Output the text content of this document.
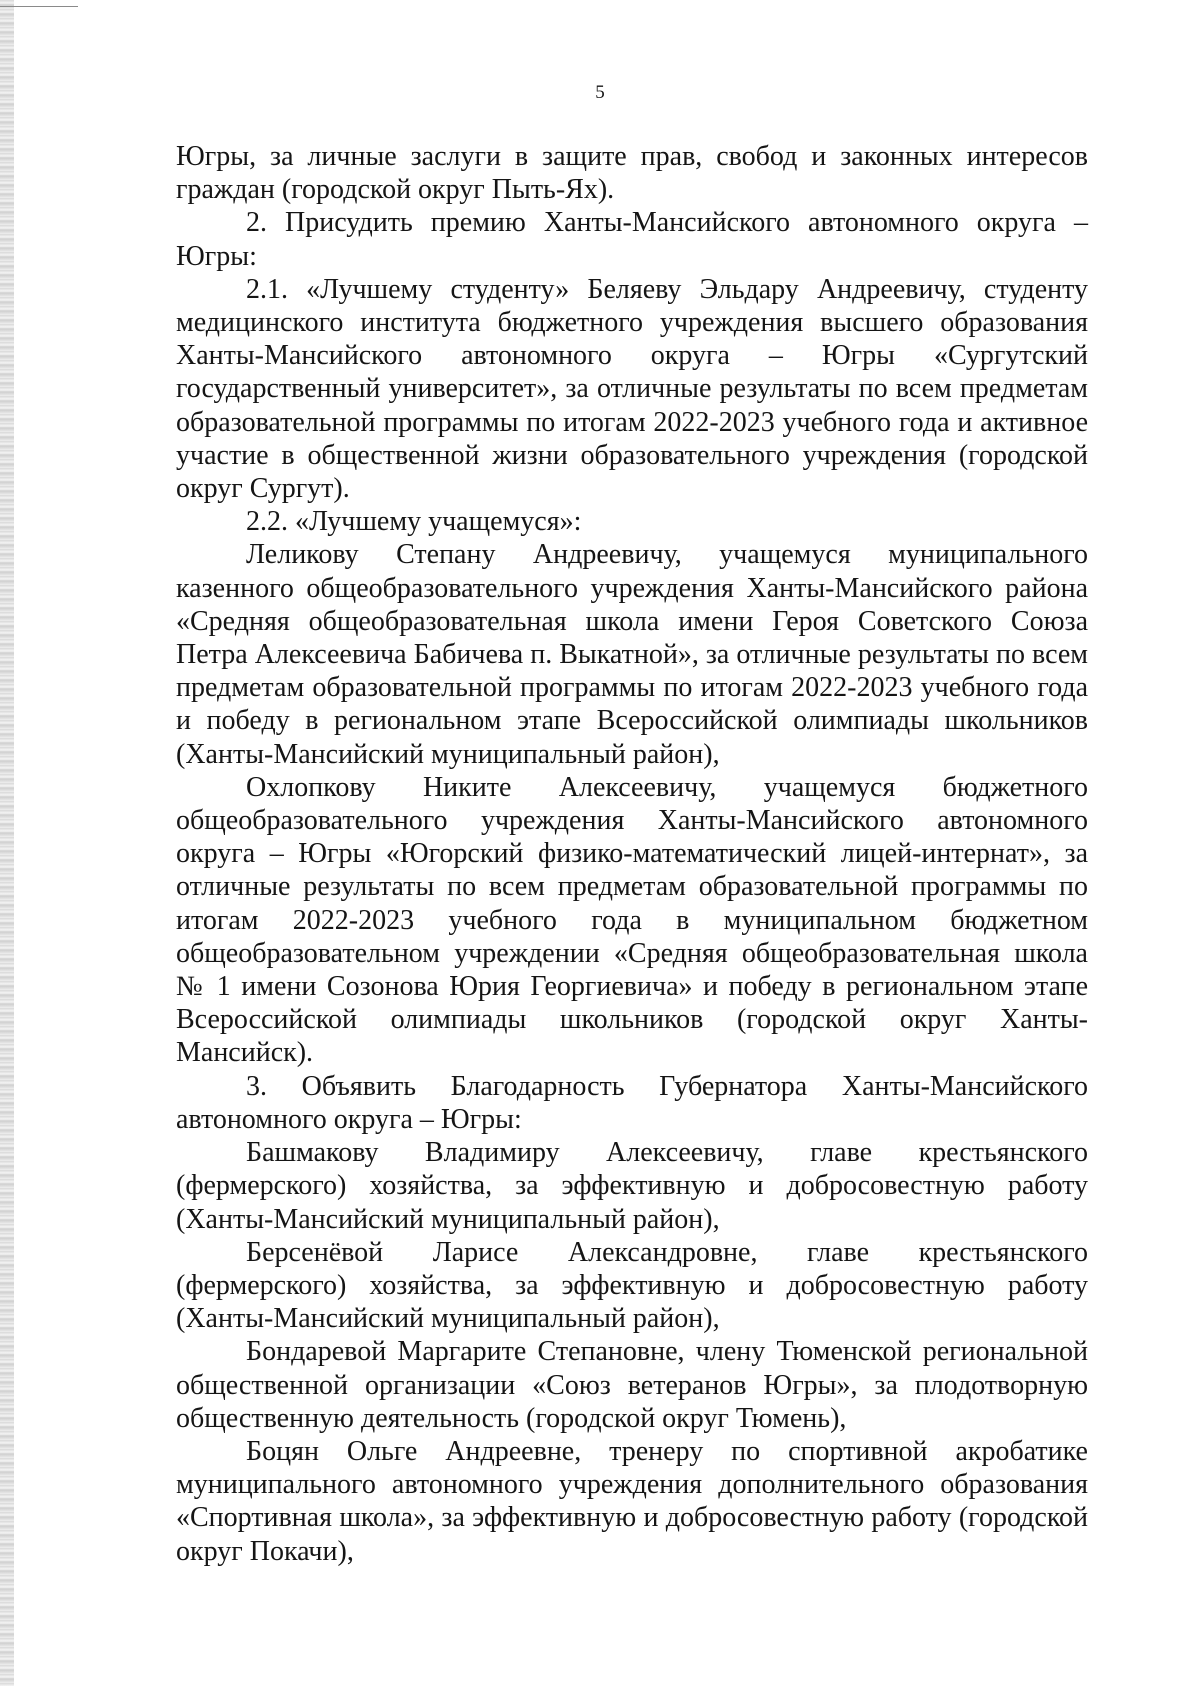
5

Югры, за личные заслуги в защите прав, свобод и законных интересов граждан (городской округ Пыть-Ях).

2. Присудить премию Ханты-Мансийского автономного округа – Югры:

2.1. «Лучшему студенту» Беляеву Эльдару Андреевичу, студенту медицинского института бюджетного учреждения высшего образования Ханты-Мансийского автономного округа – Югры «Сургутский государственный университет», за отличные результаты по всем предметам образовательной программы по итогам 2022-2023 учебного года и активное участие в общественной жизни образовательного учреждения (городской округ Сургут).

2.2. «Лучшему учащемуся»:

Леликову Степану Андреевичу, учащемуся муниципального казенного общеобразовательного учреждения Ханты-Мансийского района «Средняя общеобразовательная школа имени Героя Советского Союза Петра Алексеевича Бабичева п. Выкатной», за отличные результаты по всем предметам образовательной программы по итогам 2022-2023 учебного года и победу в региональном этапе Всероссийской олимпиады школьников (Ханты-Мансийский муниципальный район),

Охлопкову Никите Алексеевичу, учащемуся бюджетного общеобразовательного учреждения Ханты-Мансийского автономного округа – Югры «Югорский физико-математический лицей-интернат», за отличные результаты по всем предметам образовательной программы по итогам 2022-2023 учебного года в муниципальном бюджетном общеобразовательном учреждении «Средняя общеобразовательная школа № 1 имени Созонова Юрия Георгиевича» и победу в региональном этапе Всероссийской олимпиады школьников (городской округ Ханты-Мансийск).

3. Объявить Благодарность Губернатора Ханты-Мансийского автономного округа – Югры:

Башмакову Владимиру Алексеевичу, главе крестьянского (фермерского) хозяйства, за эффективную и добросовестную работу (Ханты-Мансийский муниципальный район),

Берсенёвой Ларисе Александровне, главе крестьянского (фермерского) хозяйства, за эффективную и добросовестную работу (Ханты-Мансийский муниципальный район),

Бондаревой Маргарите Степановне, члену Тюменской региональной общественной организации «Союз ветеранов Югры», за плодотворную общественную деятельность (городской округ Тюмень),

Боцян Ольге Андреевне, тренеру по спортивной акробатике муниципального автономного учреждения дополнительного образования «Спортивная школа», за эффективную и добросовестную работу (городской округ Покачи),
